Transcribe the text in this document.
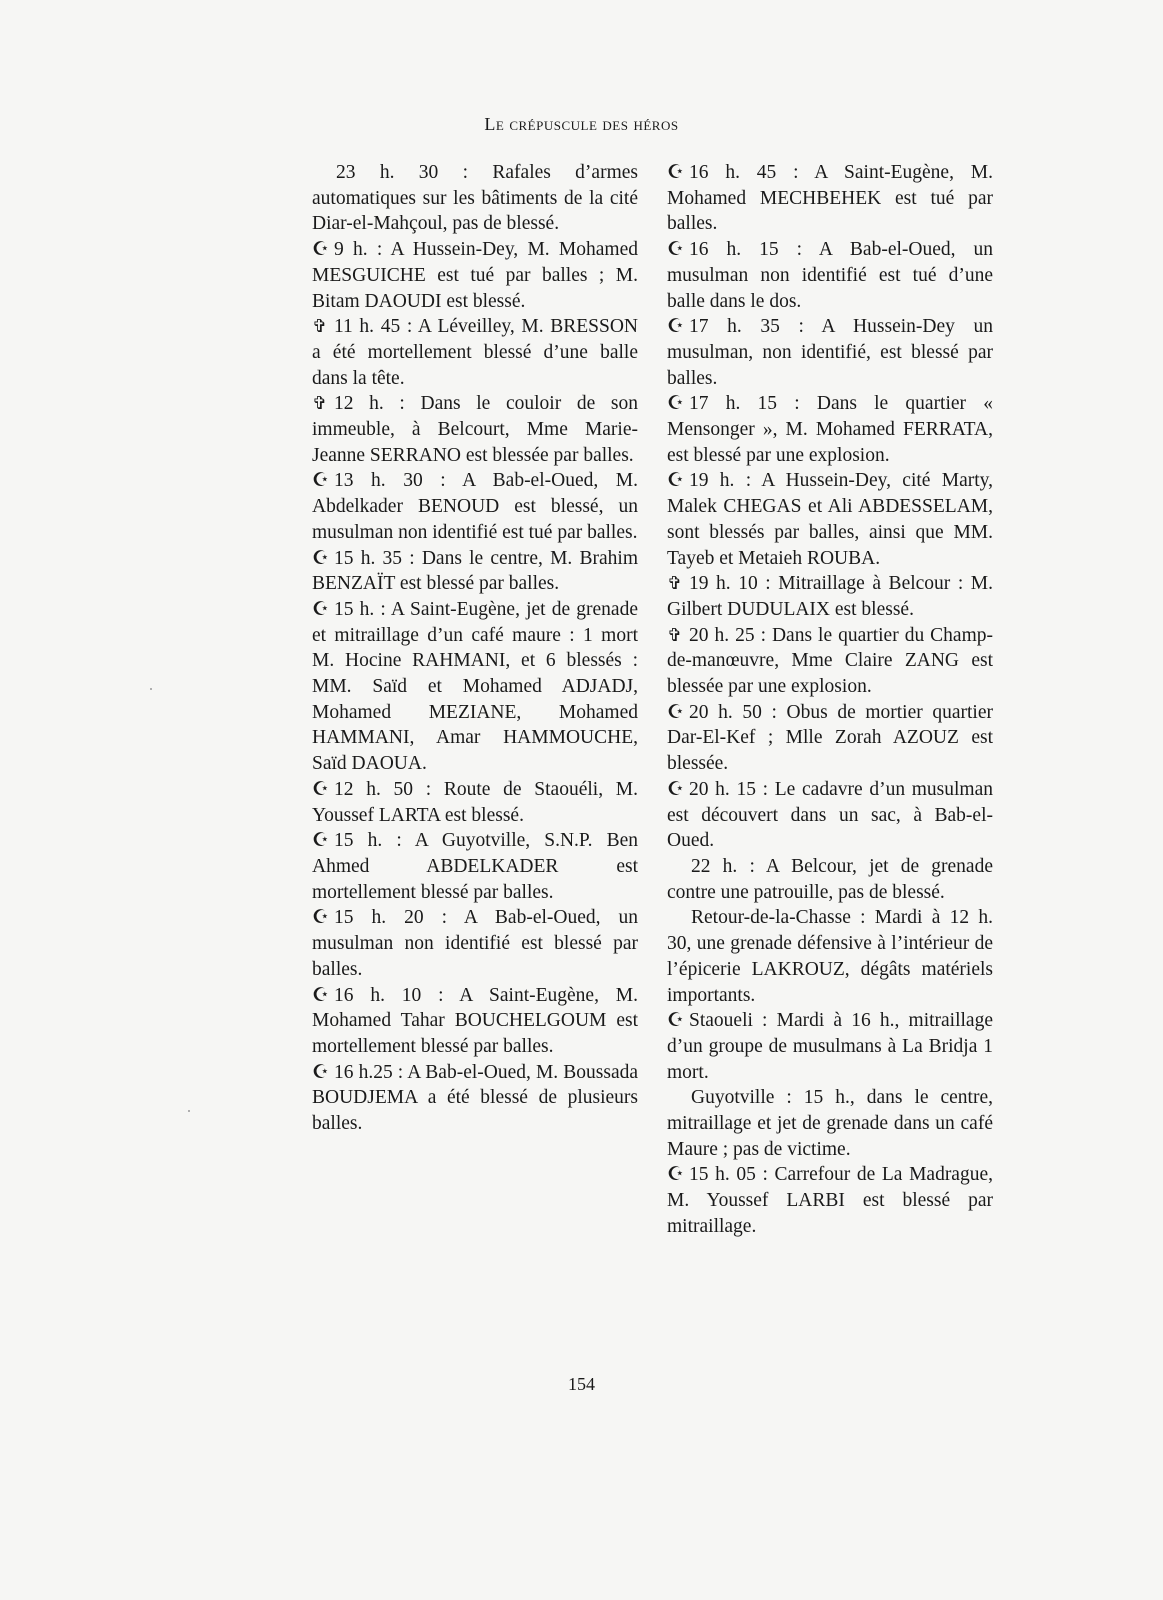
Le crépuscule des héros

23 h. 30 : Rafales d’armes automatiques sur les bâtiments de la cité Diar-el-Mahçoul, pas de blessé.

☪ 9 h. : A Hussein-Dey, M. Mohamed MESGUICHE est tué par balles ; M. Bitam DAOUDI est blessé.

✞ 11 h. 45 : A Léveilley, M. BRESSON a été mortellement blessé d’une balle dans la tête.

✞ 12 h. : Dans le couloir de son immeuble, à Belcourt, Mme Marie-Jeanne SERRANO est blessée par balles.

☪ 13 h. 30 : A Bab-el-Oued, M. Abdelkader BENOUD est blessé, un musulman non identifié est tué par balles.

☪ 15 h. 35 : Dans le centre, M. Brahim BENZAÏT est blessé par balles.

☪ 15 h. : A Saint-Eugène, jet de grenade et mitraillage d’un café maure : 1 mort M. Hocine RAHMANI, et 6 blessés : MM. Saïd et Mohamed ADJADJ, Mohamed MEZIANE, Mohamed HAMMANI, Amar HAMMOUCHE, Saïd DAOUA.

☪ 12 h. 50 : Route de Staouéli, M. Youssef LARTA est blessé.

☪ 15 h. : A Guyotville, S.N.P. Ben Ahmed ABDELKADER est mortellement blessé par balles.

☪ 15 h. 20 : A Bab-el-Oued, un musulman non identifié est blessé par balles.

☪ 16 h. 10 : A Saint-Eugène, M. Mohamed Tahar BOUCHELGOUM est mortellement blessé par balles.

☪ 16 h.25 : A Bab-el-Oued, M. Boussada BOUDJEMA a été blessé de plusieurs balles.

☪ 16 h. 45 : A Saint-Eugène, M. Mohamed MECHBEHEK est tué par balles.

☪ 16 h. 15 : A Bab-el-Oued, un musulman non identifié est tué d’une balle dans le dos.

☪ 17 h. 35 : A Hussein-Dey un musulman, non identifié, est blessé par balles.

☪ 17 h. 15 : Dans le quartier « Mensonger », M. Mohamed FERRATA, est blessé par une explosion.

☪ 19 h. : A Hussein-Dey, cité Marty, Malek CHEGAS et Ali ABDESSELAM, sont blessés par balles, ainsi que MM. Tayeb et Metaieh ROUBA.

✞ 19 h. 10 : Mitraillage à Belcour : M. Gilbert DUDULAIX est blessé.

✞ 20 h. 25 : Dans le quartier du Champ-de-manœuvre, Mme Claire ZANG est blessée par une explosion.

☪ 20 h. 50 : Obus de mortier quartier Dar-El-Kef ; Mlle Zorah AZOUZ est blessée.

☪ 20 h. 15 : Le cadavre d’un musulman est découvert dans un sac, à Bab-el-Oued.

22 h. : A Belcour, jet de grenade contre une patrouille, pas de blessé.

Retour-de-la-Chasse : Mardi à 12 h. 30, une grenade défensive à l’intérieur de l’épicerie LAKROUZ, dégâts matériels importants.

☪ Staoueli : Mardi à 16 h., mitraillage d’un groupe de musulmans à La Bridja 1 mort.

Guyotville : 15 h., dans le centre, mitraillage et jet de grenade dans un café Maure ; pas de victime.

☪ 15 h. 05 : Carrefour de La Madrague, M. Youssef LARBI est blessé par mitraillage.

154
